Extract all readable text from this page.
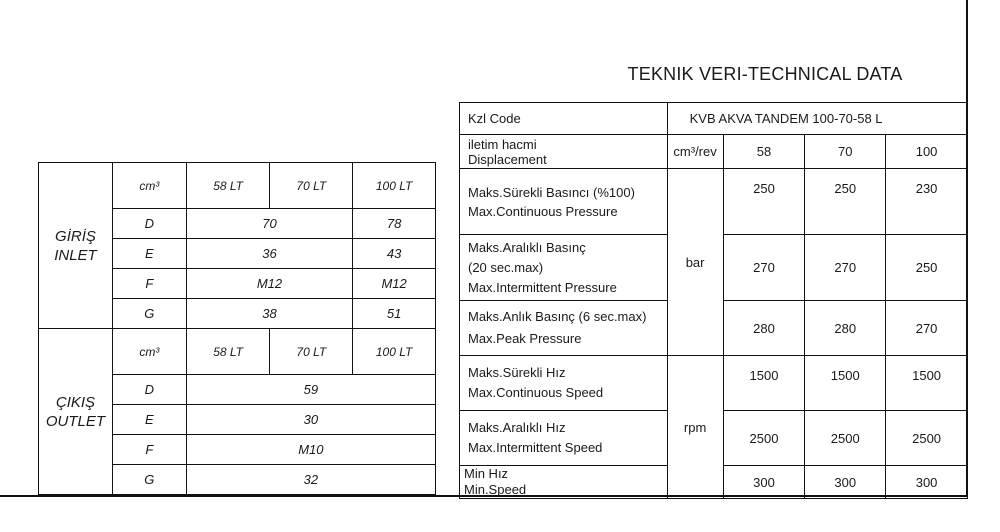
TEKNIK VERI-TECHNICAL DATA
GİRİŞ
INLET	cm³	58 LT	70 LT	100 LT
	D	70		78
	E	36		43
	F	M12		M12
	G	38		51

ÇIKIŞ
OUTLET	cm³	58 LT	70 LT	100 LT
	D	59		
	E	30		
	F	M10		
	G	32		
Kzl Code	KVB AKVA TANDEM 100-70-58 L			

iletim hacmi
Displacement	cm³/rev	58	70	100

Maks.Sürekli Basıncı (%100)
Max.Continuous Pressure	bar	250	250	230

Maks.Aralıklı Basınç
(20 sec.max)
Max.Intermittent Pressure		270	270	250

Maks.Anlık Basınç (6 sec.max)
Max.Peak Pressure		280	280	270

Maks.Sürekli Hız
Max.Continuous Speed	rpm	1500	1500	1500

Maks.Aralıklı Hız
Max.Intermittent Speed		2500	2500	2500

Min Hız
Min.Speed		300	300	300
